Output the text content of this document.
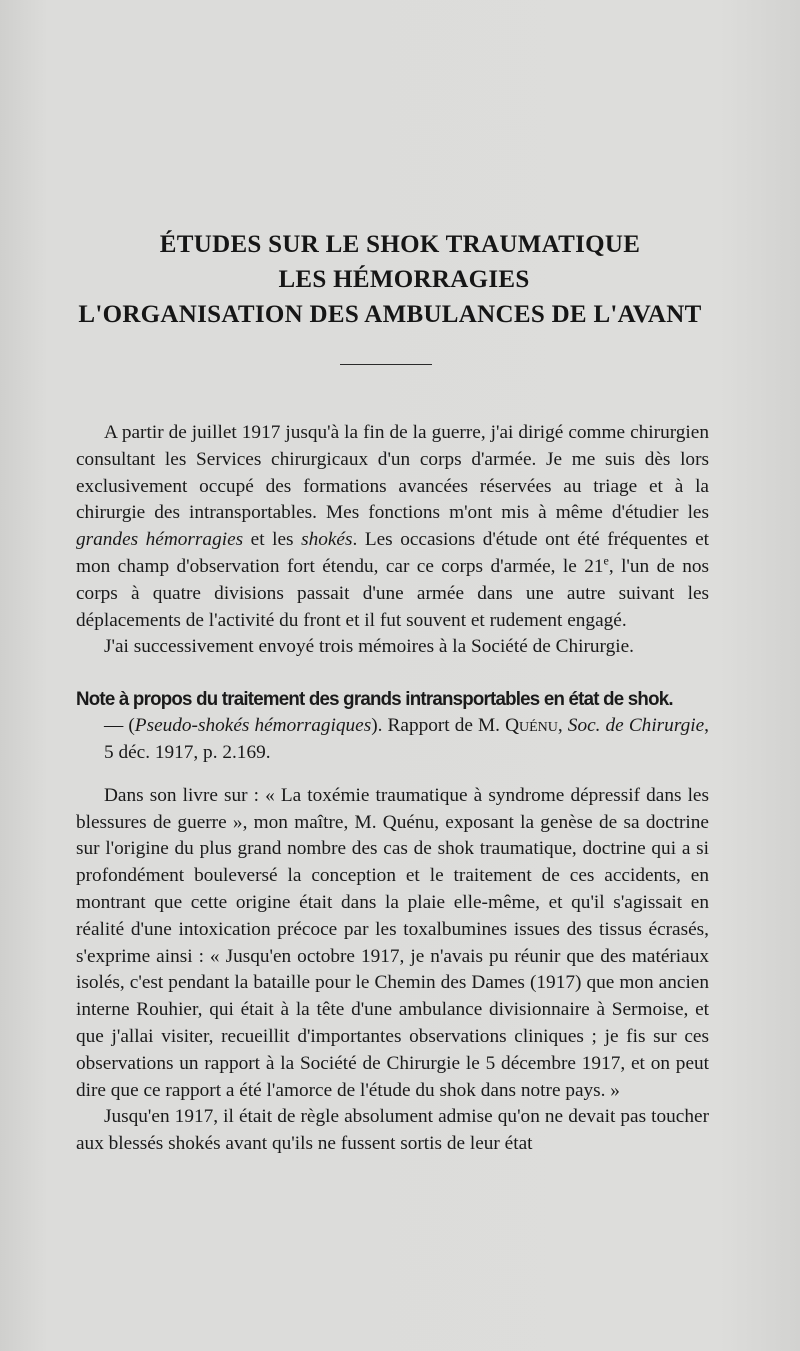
ÉTUDES SUR LE SHOK TRAUMATIQUE
LES HÉMORRAGIES
L'ORGANISATION DES AMBULANCES DE L'AVANT

A partir de juillet 1917 jusqu'à la fin de la guerre, j'ai dirigé comme chirurgien consultant les Services chirurgicaux d'un corps d'armée. Je me suis dès lors exclusivement occupé des formations avancées réservées au triage et à la chirurgie des intransportables. Mes fonctions m'ont mis à même d'étudier les grandes hémorragies et les shokés. Les occasions d'étude ont été fréquentes et mon champ d'observation fort étendu, car ce corps d'armée, le 21e, l'un de nos corps à quatre divisions passait d'une armée dans une autre suivant les déplacements de l'activité du front et il fut souvent et rudement engagé.

J'ai successivement envoyé trois mémoires à la Société de Chirurgie.

Note à propos du traitement des grands intransportables en état de shok.

— (Pseudo-shokés hémorragiques). Rapport de M. Quénu, Soc. de Chirurgie, 5 déc. 1917, p. 2.169.

Dans son livre sur : « La toxémie traumatique à syndrome dépressif dans les blessures de guerre », mon maître, M. Quénu, exposant la genèse de sa doctrine sur l'origine du plus grand nombre des cas de shok traumatique, doctrine qui a si profondément bouleversé la conception et le traitement de ces accidents, en montrant que cette origine était dans la plaie elle-même, et qu'il s'agissait en réalité d'une intoxication précoce par les toxalbumines issues des tissus écrasés, s'exprime ainsi : « Jusqu'en octobre 1917, je n'avais pu réunir que des matériaux isolés, c'est pendant la bataille pour le Chemin des Dames (1917) que mon ancien interne Rouhier, qui était à la tête d'une ambulance divisionnaire à Sermoise, et que j'allai visiter, recueillit d'importantes observations cliniques ; je fis sur ces observations un rapport à la Société de Chirurgie le 5 décembre 1917, et on peut dire que ce rapport a été l'amorce de l'étude du shok dans notre pays. »

Jusqu'en 1917, il était de règle absolument admise qu'on ne devait pas toucher aux blessés shokés avant qu'ils ne fussent sortis de leur état
